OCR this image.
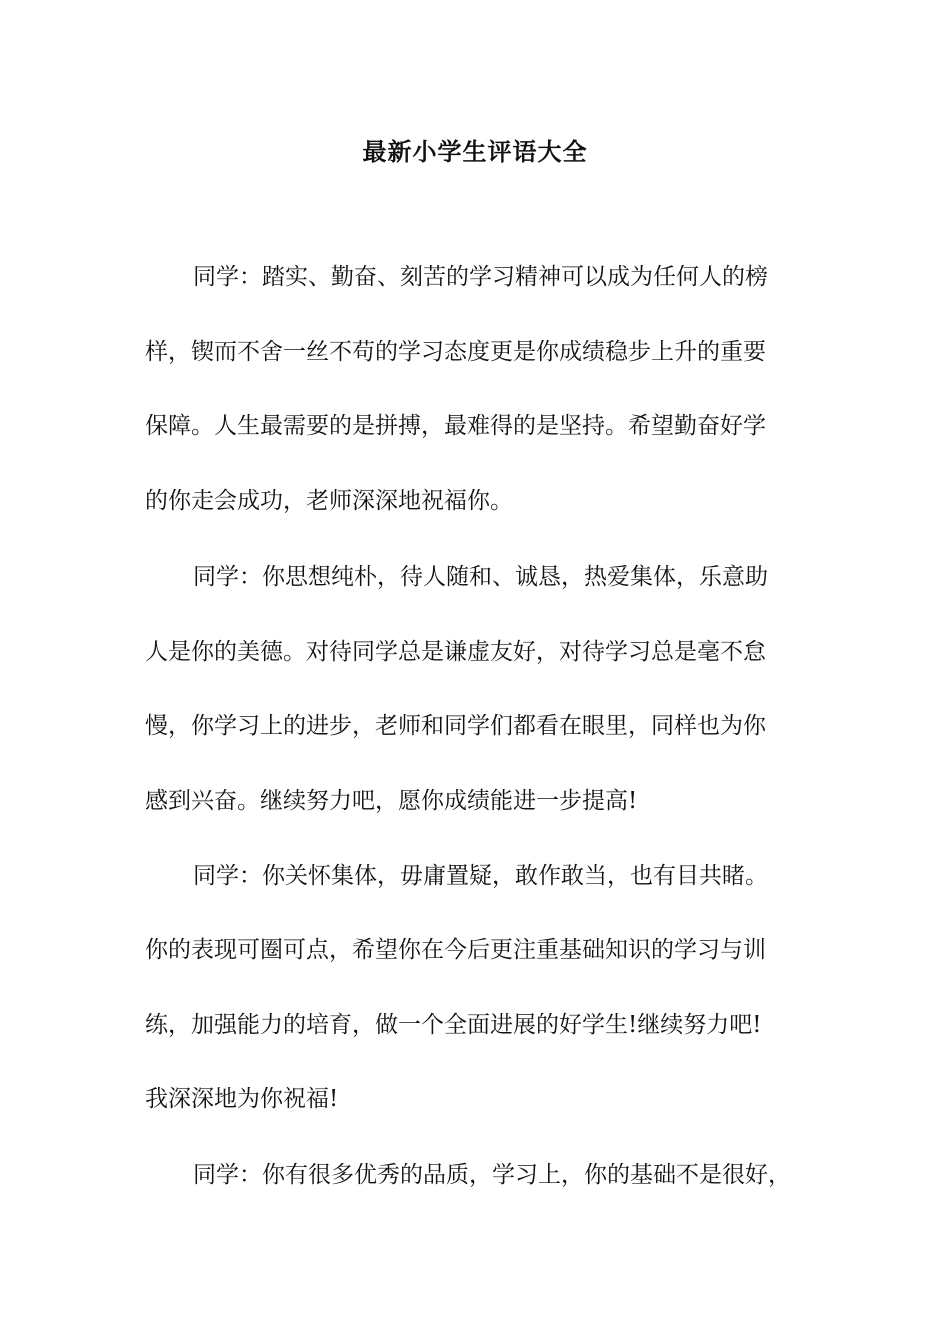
最新小学生评语大全
同学：踏实、勤奋、刻苦的学习精神可以成为任何人的榜
样，锲而不舍一丝不苟的学习态度更是你成绩稳步上升的重要
保障。人生最需要的是拼搏，最难得的是坚持。希望勤奋好学
的你走会成功，老师深深地祝福你。
同学：你思想纯朴，待人随和、诚恳，热爱集体，乐意助
人是你的美德。对待同学总是谦虚友好，对待学习总是毫不怠
慢，你学习上的进步，老师和同学们都看在眼里，同样也为你
感到兴奋。继续努力吧，愿你成绩能进一步提高!
同学：你关怀集体，毋庸置疑，敢作敢当，也有目共睹。
你的表现可圈可点，希望你在今后更注重基础知识的学习与训
练，加强能力的培育，做一个全面进展的好学生!继续努力吧!
我深深地为你祝福!
同学：你有很多优秀的品质，学习上，你的基础不是很好，
